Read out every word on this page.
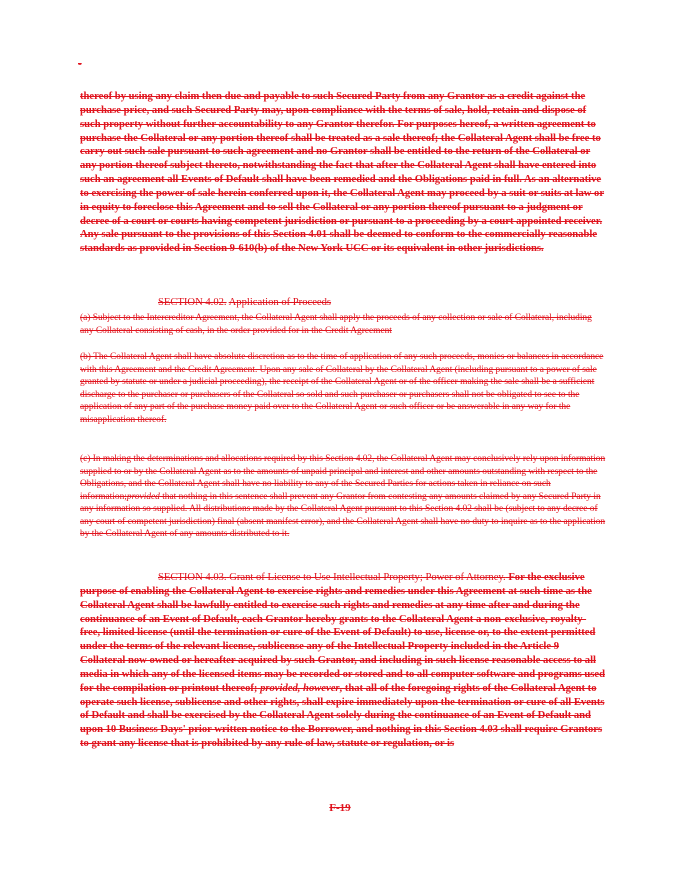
-
thereof by using any claim then due and payable to such Secured Party from any Grantor as a credit against the purchase price, and such Secured Party may, upon compliance with the terms of sale, hold, retain and dispose of such property without further accountability to any Grantor therefor. For purposes hereof, a written agreement to purchase the Collateral or any portion thereof shall be treated as a sale thereof; the Collateral Agent shall be free to carry out such sale pursuant to such agreement and no Grantor shall be entitled to the return of the Collateral or any portion thereof subject thereto, notwithstanding the fact that after the Collateral Agent shall have entered into such an agreement all Events of Default shall have been remedied and the Obligations paid in full. As an alternative to exercising the power of sale herein conferred upon it, the Collateral Agent may proceed by a suit or suits at law or in equity to foreclose this Agreement and to sell the Collateral or any portion thereof pursuant to a judgment or decree of a court or courts having competent jurisdiction or pursuant to a proceeding by a court appointed receiver. Any sale pursuant to the provisions of this Section 4.01 shall be deemed to conform to the commercially reasonable standards as provided in Section 9-610(b) of the New York UCC or its equivalent in other jurisdictions.
SECTION 4.02. Application of Proceeds
(a) Subject to the Intercreditor Agreement, the Collateral Agent shall apply the proceeds of any collection or sale of Collateral, including any Collateral consisting of cash, in the order provided for in the Credit Agreement
(b) The Collateral Agent shall have absolute discretion as to the time of application of any such proceeds, monies or balances in accordance with this Agreement and the Credit Agreement. Upon any sale of Collateral by the Collateral Agent (including pursuant to a power of sale granted by statute or under a judicial proceeding), the receipt of the Collateral Agent or of the officer making the sale shall be a sufficient discharge to the purchaser or purchasers of the Collateral so sold and such purchaser or purchasers shall not be obligated to see to the application of any part of the purchase money paid over to the Collateral Agent or such officer or be answerable in any way for the misapplication thereof.
(c) In making the determinations and allocations required by this Section 4.02, the Collateral Agent may conclusively rely upon information supplied to or by the Collateral Agent as to the amounts of unpaid principal and interest and other amounts outstanding with respect to the Obligations, and the Collateral Agent shall have no liability to any of the Secured Parties for actions taken in reliance on such information;provided that nothing in this sentence shall prevent any Grantor from contesting any amounts claimed by any Secured Party in any information so supplied. All distributions made by the Collateral Agent pursuant to this Section 4.02 shall be (subject to any decree of any court of competent jurisdiction) final (absent manifest error), and the Collateral Agent shall have no duty to inquire as to the application by the Collateral Agent of any amounts distributed to it.
SECTION 4.03. Grant of License to Use Intellectual Property; Power of Attorney. For the exclusive purpose of enabling the Collateral Agent to exercise rights and remedies under this Agreement at such time as the Collateral Agent shall be lawfully entitled to exercise such rights and remedies at any time after and during the continuance of an Event of Default, each Grantor hereby grants to the Collateral Agent a non-exclusive, royalty-free, limited license (until the termination or cure of the Event of Default) to use, license or, to the extent permitted under the terms of the relevant license, sublicense any of the Intellectual Property included in the Article 9 Collateral now owned or hereafter acquired by such Grantor, and including in such license reasonable access to all media in which any of the licensed items may be recorded or stored and to all computer software and programs used for the compilation or printout thereof; provided, however, that all of the foregoing rights of the Collateral Agent to operate such license, sublicense and other rights, shall expire immediately upon the termination or cure of all Events of Default and shall be exercised by the Collateral Agent solely during the continuance of an Event of Default and upon 10 Business Days' prior written notice to the Borrower, and nothing in this Section 4.03 shall require Grantors to grant any license that is prohibited by any rule of law, statute or regulation, or is
F-19
